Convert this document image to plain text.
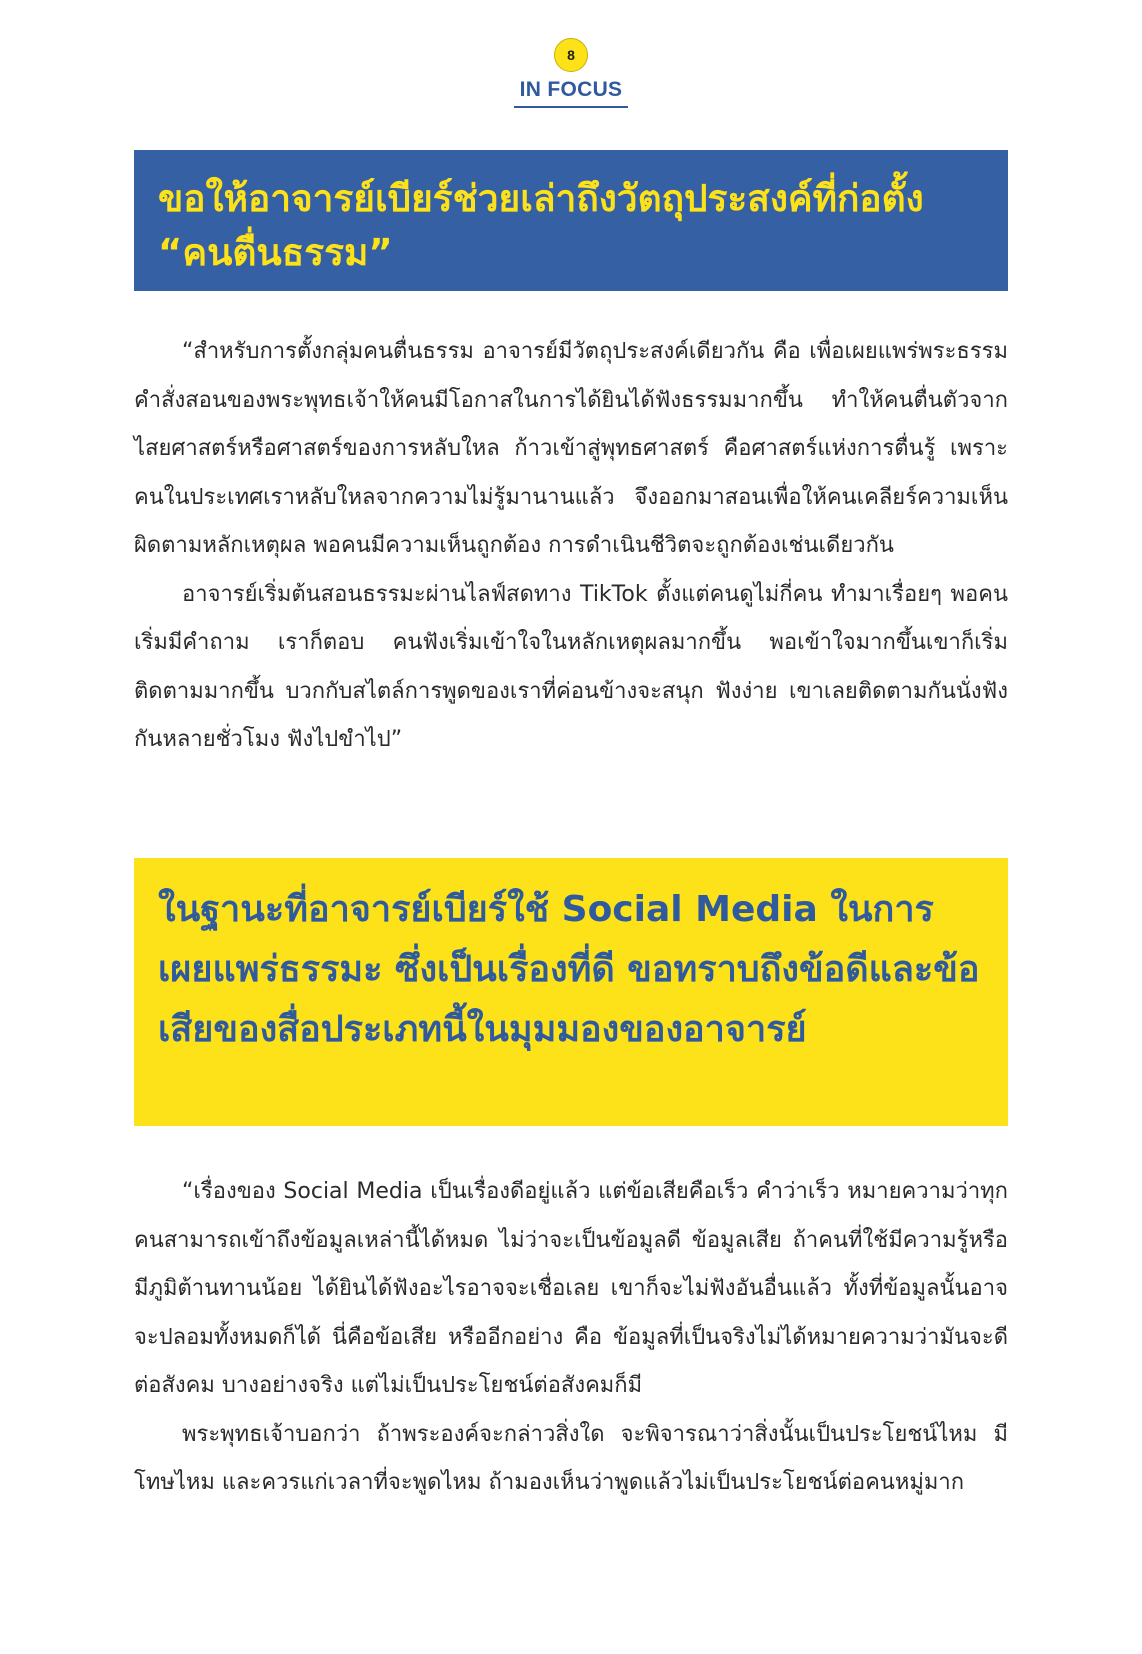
8
IN FOCUS
ขอให้อาจารย์เบียร์ช่วยเล่าถึงวัตถุประสงค์ที่ก่อตั้ง “คนตื่นธรรม”

“สำหรับการตั้งกลุ่มคนตื่นธรรม อาจารย์มีวัตถุประสงค์เดียวกัน คือ เพื่อเผยแพร่พระธรรมคำสั่งสอนของพระพุทธเจ้าให้คนมีโอกาสในการได้ยินได้ฟังธรรมมากขึ้น ทำให้คนตื่นตัวจากไสยศาสตร์หรือศาสตร์ของการหลับใหล ก้าวเข้าสู่พุทธศาสตร์ คือศาสตร์แห่งการตื่นรู้ เพราะคนในประเทศเราหลับใหลจากความไม่รู้มานานแล้ว จึงออกมาสอนเพื่อให้คนเคลียร์ความเห็นผิดตามหลักเหตุผล พอคนมีความเห็นถูกต้อง การดำเนินชีวิตจะถูกต้องเช่นเดียวกัน

อาจารย์เริ่มต้นสอนธรรมะผ่านไลฟ์สดทาง TikTok ตั้งแต่คนดูไม่กี่คน ทำมาเรื่อยๆ พอคนเริ่มมีคำถาม เราก็ตอบ คนฟังเริ่มเข้าใจในหลักเหตุผลมากขึ้น พอเข้าใจมากขึ้นเขาก็เริ่มติดตามมากขึ้น บวกกับสไตล์การพูดของเราที่ค่อนข้างจะสนุก ฟังง่าย เขาเลยติดตามกันนั่งฟังกันหลายชั่วโมง ฟังไปขำไป”

ในฐานะที่อาจารย์เบียร์ใช้ Social Media ในการเผยแพร่ธรรมะ ซึ่งเป็นเรื่องที่ดี ขอทราบถึงข้อดีและข้อเสียของสื่อประเภทนี้ในมุมมองของอาจารย์

“เรื่องของ Social Media เป็นเรื่องดีอยู่แล้ว แต่ข้อเสียคือเร็ว คำว่าเร็ว หมายความว่าทุกคนสามารถเข้าถึงข้อมูลเหล่านี้ได้หมด ไม่ว่าจะเป็นข้อมูลดี ข้อมูลเสีย ถ้าคนที่ใช้มีความรู้หรือมีภูมิต้านทานน้อย ได้ยินได้ฟังอะไรอาจจะเชื่อเลย เขาก็จะไม่ฟังอันอื่นแล้ว ทั้งที่ข้อมูลนั้นอาจจะปลอมทั้งหมดก็ได้ นี่คือข้อเสีย หรืออีกอย่าง คือ ข้อมูลที่เป็นจริงไม่ได้หมายความว่ามันจะดีต่อสังคม บางอย่างจริง แต่ไม่เป็นประโยชน์ต่อสังคมก็มี

พระพุทธเจ้าบอกว่า ถ้าพระองค์จะกล่าวสิ่งใด จะพิจารณาว่าสิ่งนั้นเป็นประโยชน์ไหม มีโทษไหม และควรแก่เวลาที่จะพูดไหม ถ้ามองเห็นว่าพูดแล้วไม่เป็นประโยชน์ต่อคนหมู่มาก
